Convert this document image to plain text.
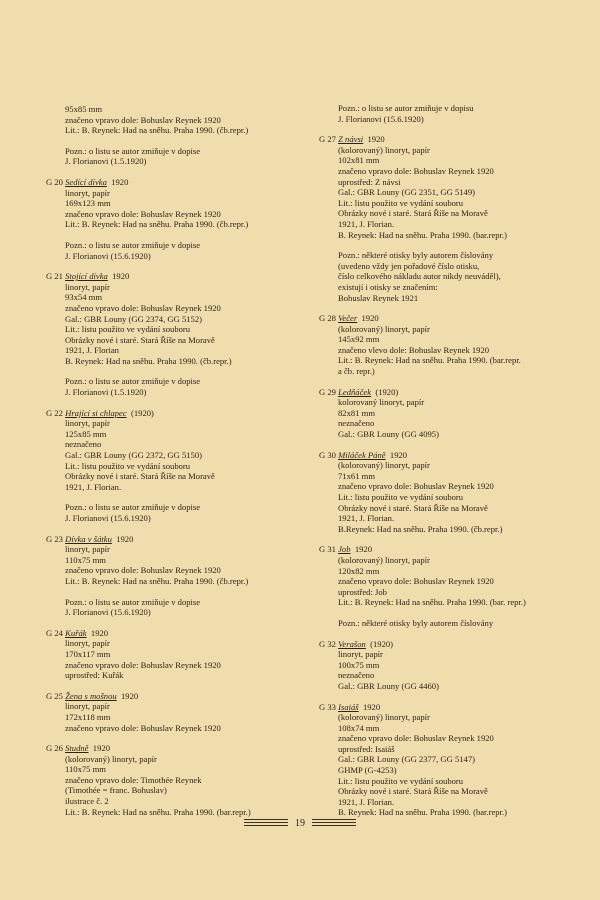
95x85 mm
značeno vpravo dole: Bohuslav Reynek 1920
Lit.: B. Reynek: Had na sněhu. Praha 1990. (čb.repr.)
Pozn.: o listu se autor zmiňuje v dopise
J. Florianovi (1.5.1920)
G 20 Sedící dívka 1920
linoryt, papír
169x123 mm
značeno vpravo dole: Bohuslav Reynek 1920
Lit.: B. Reynek: Had na sněhu. Praha 1990. (čb.repr.)
Pozn.: o listu se autor zmiňuje v dopise
J. Florianovi (15.6.1920)
G 21 Stojící dívka 1920
linoryt, papír
93x54 mm
značeno vpravo dole: Bohuslav Reynek 1920
Gal.: GBR Louny (GG 2374, GG 5152)
Lit.: listu použito ve vydání souboru
Obrázky nové i staré. Stará Říše na Moravě
1921, J. Florian
B. Reynek: Had na sněhu. Praha 1990. (čb.repr.)
Pozn.: o listu se autor zmiňuje v dopise
J. Florianovi (1.5.1920)
G 22 Hrající si chlapec (1920)
linoryt, papír
125x85 mm
neznačeno
Gal.: GBR Louny (GG 2372, GG 5150)
Lit.: listu použito ve vydání souboru
Obrázky nové i staré. Stará Říše na Moravě
1921, J. Florian.
Pozn.: o listu se autor zmiňuje v dopise
J. Florianovi (15.6.1920)
G 23 Dívka v šátku 1920
linoryt, papír
110x75 mm
značeno vpravo dole: Bohuslav Reynek 1920
Lit.: B. Reynek: Had na sněhu. Praha 1990. (čb.repr.)
Pozn.: o listu se autor zmiňuje v dopise
J. Florianovi (15.6.1920)
G 24 Kuřák 1920
linoryt, papír
170x117 mm
značeno vpravo dole: Bohuslav Reynek 1920
uprostřed: Kuřák
G 25 Žena s mošnou 1920
linoryt, papír
172x118 mm
značeno vpravo dole: Bohuslav Reynek 1920
G 26 Studně 1920
(kolorovaný) linoryt, papír
110x75 mm
značeno vpravo dole: Timothée Reynek
(Timothée = franc. Bohuslav)
ilustrace č. 2
Lit.: B. Reynek: Had na sněhu. Praha 1990. (bar.repr.)
Pozn.: o listu se autor zmiňuje v dopisu
J. Florianovi (15.6.1920)
G 27 Z návsi 1920
(kolorovaný) linoryt, papír
102x81 mm
značeno vpravo dole: Bohuslav Reynek 1920
uprostřed: Z návsi
Gal.: GBR Louny (GG 2351, GG 5149)
Lit.: listu použito ve vydání souboru
Obrázky nové i staré. Stará Říše na Moravě
1921, J. Florian.
B. Reynek: Had na sněhu. Praha 1990. (bar.repr.)
Pozn.: některé otisky byly autorem číslovány
(uvedeno vždy jen pořadové číslo otisku,
číslo celkového nákladu autor nikdy neuváděl),
existují i otisky se značením:
Bohuslav Reynek 1921
G 28 Večer 1920
(kolorovaný) linoryt, papír
145x92 mm
značeno vlevo dole: Bohuslav Reynek 1920
Lit.: B. Reynek: Had na sněhu. Praha 1990. (bar.repr.
a čb. repr.)
G 29 Ledňáček (1920)
kolorovaný linoryt, papír
82x81 mm
neznačeno
Gal.: GBR Louny (GG 4095)
G 30 Miláček Páně 1920
(kolorovaný) linoryt, papír
71x61 mm
značeno vpravo dole: Bohuslav Reynek 1920
Lit.: listu použito ve vydání souboru
Obrázky nové i staré. Stará Říše na Moravě
1921, J. Florian.
B.Reynek: Had na sněhu. Praha 1990. (čb.repr.)
G 31 Job 1920
(kolorovaný) linoryt, papír
120x82 mm
značeno vpravo dole: Bohuslav Reynek 1920
uprostřed: Job
Lit.: B. Reynek: Had na sněhu. Praha 1990. (bar. repr.)
Pozn.: některé otisky byly autorem číslovány
G 32 Verašon (1920)
linoryt, papír
100x75 mm
neznačeno
Gal.: GBR Louny (GG 4460)
G 33 Isaiáš 1920
(kolorovaný) linoryt, papír
108x74 mm
značeno vpravo dole: Bohuslav Reynek 1920
uprostřed: Isaiáš
Gal.: GBR Louny (GG 2377, GG 5147)
GHMP (G-4253)
Lit.: listu použito ve vydání souboru
Obrázky nové i staré. Stará Říše na Moravě
1921, J. Florian.
B. Reynek: Had na sněhu. Praha 1990. (bar.repr.)
19
